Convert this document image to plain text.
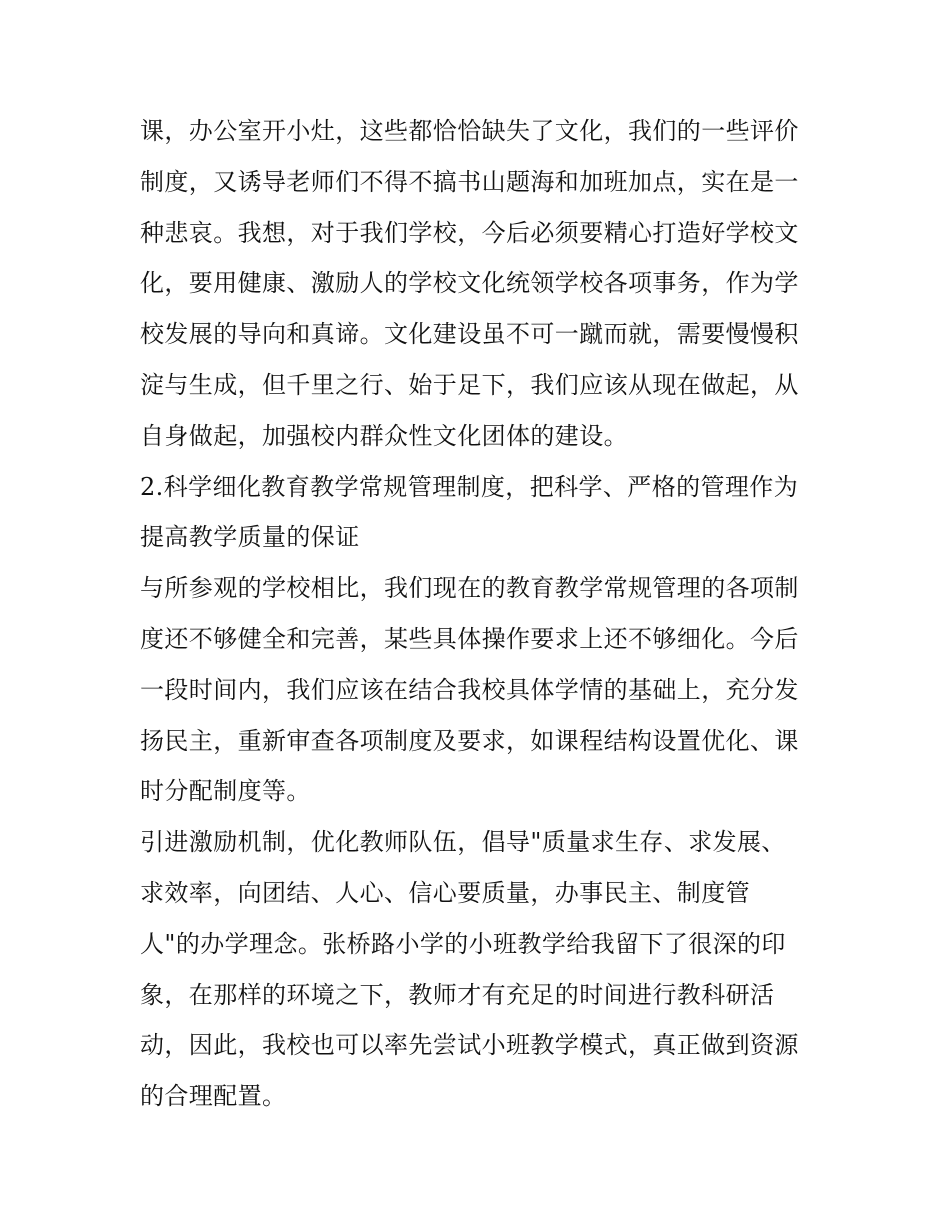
课，办公室开小灶，这些都恰恰缺失了文化，我们的一些评价
制度，又诱导老师们不得不搞书山题海和加班加点，实在是一
种悲哀。我想，对于我们学校，今后必须要精心打造好学校文
化，要用健康、激励人的学校文化统领学校各项事务，作为学
校发展的导向和真谛。文化建设虽不可一蹴而就，需要慢慢积
淀与生成，但千里之行、始于足下，我们应该从现在做起，从
自身做起，加强校内群众性文化团体的建设。
2.科学细化教育教学常规管理制度，把科学、严格的管理作为
提高教学质量的保证
与所参观的学校相比，我们现在的教育教学常规管理的各项制
度还不够健全和完善，某些具体操作要求上还不够细化。今后
一段时间内，我们应该在结合我校具体学情的基础上，充分发
扬民主，重新审查各项制度及要求，如课程结构设置优化、课
时分配制度等。
引进激励机制，优化教师队伍，倡导"质量求生存、求发展、
求效率，向团结、人心、信心要质量，办事民主、制度管
人"的办学理念。张桥路小学的小班教学给我留下了很深的印
象，在那样的环境之下，教师才有充足的时间进行教科研活
动，因此，我校也可以率先尝试小班教学模式，真正做到资源
的合理配置。
